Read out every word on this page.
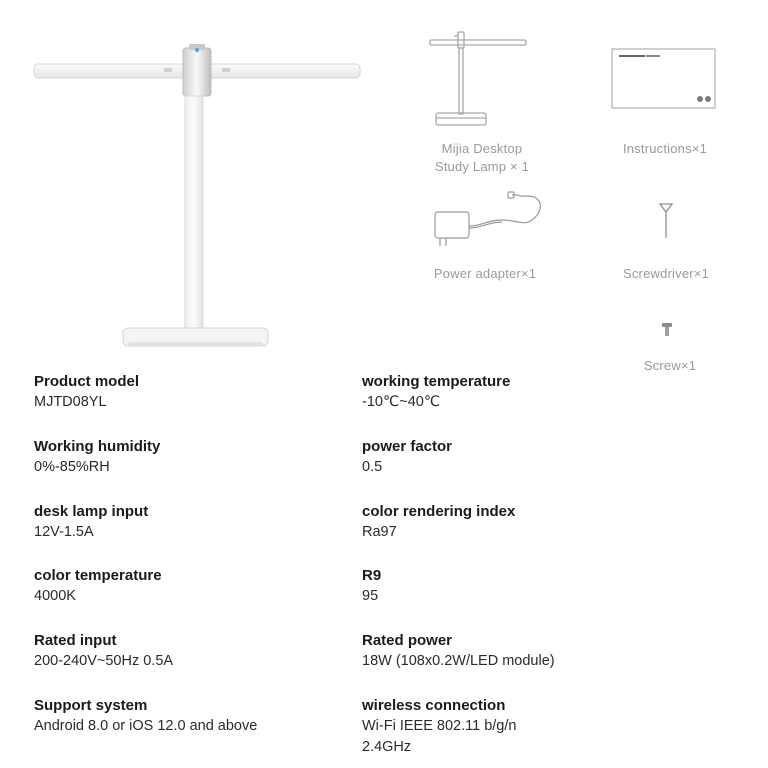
Mijia Desktop
Study Lamp × 1
Instructions×1
Power adapter×1	Screwdriver×1
Screw×1
Product model
MJTD08YL
Working humidity
0%-85%RH
desk lamp input
12V-1.5A
color temperature
4000K
Rated input
200-240V~50Hz 0.5A
Support system
Android 8.0 or iOS 12.0 and above
working temperature
-10℃~40℃
power factor
0.5
color rendering index
Ra97
R9
95
Rated power
18W (108x0.2W/LED module)
wireless connection
Wi-Fi IEEE 802.11 b/g/n
2.4GHz
